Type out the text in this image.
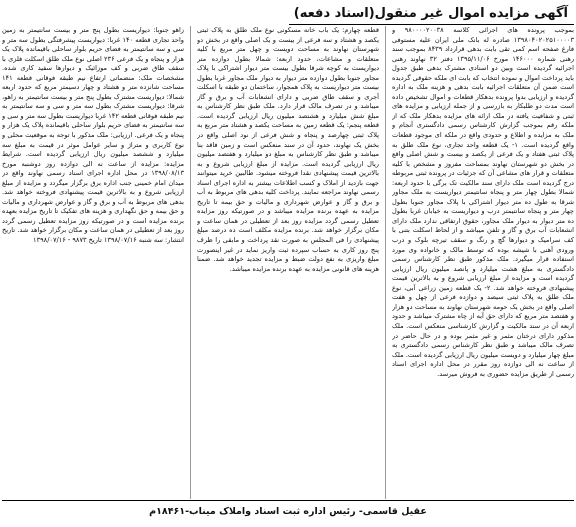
آگهی مزایده اموال غیر منقول(اسناد دفعه)

بموجب پرونده های اجرائی کلاسه ۹۸۰۰۰۰۲۰۰۳۸ و ۱۳۹۸۰۴۰۲۰۲۵۱۰۰۰۰۳ صادره له بانک ملی ایران علیه مستوفی فارغ صفحه اسم کمی تقی بابت بدهی قرارداد ۸۴۳۹ بموجب سند رهنی شماره ۱۴۶۰۰۰ مورخ ۱۳۹۵/۱۱/۰۶ دفتر ۳۲ نهاوند رهنی اجرائیه گردیده است وبین دو اسنادی مشترک بدهی طبق جدول باید پرداخت اموال و نموده انتخاب که بابت ای ملکه حقوقی گردیده است ضمن آن متعلقات اجرائیه بابت بدهی و هزینه ملک به اداره گردیده و ارزیابی بدوا پرونده بدهکار قطعات و اموال تشخیص داده است مدت دو طلبکار به بازرسی و از جمله ارزیابی و مزایده های ثبتی و شفافیت یافته در ملک ارائه های مزایده بدهکار ملک که از ملکه رقم بموجب گزارش کارشناس رسمی دادگستری آنجام و ملک به مزایده و اطلاع و حدودی واقع در ملکه ای موجود قطعات واقع گردیده است. ۱- یک قطعه واحد تجاری، نوع ملک طلق به پلاک ثبتی هفتاد و یک فرعی از یکصد و بیست و شش اصلی واقع در بخش دو شهرستان نهاوند بمساحت مفروز و مشخص با کلیه متعلقات و قرار های مشاعی آن که جزئیات در پرونده ثبتی مربوطه درج گردیده است ملک دارای سند مالکیت تک برگی با حدود اربعه: شمالا بطول چهار متر و پنجاه سانتیمتر دیواریست به ملک مجاور شرقا به طول ده متر دیوار اشتراکی با پلاک مجاور جنوبا بطول چهار متر و پنجاه سانتیمتر درب و دیواریست به خیابان غربا بطول ده متر دیوار به دیوار ملک مجاور، حقوق ارتفاقی ندارد ملک دارای انشعابات آب برق و گاز و تلفن میباشد و از لحاظ اسکلت بتنی با کف سرامیک و دیوارها گچ و رنگ و سقف تیرچه بلوک و درب ورودی آهنی با شیشه بوده که توسط مالک و خانواده وی مورد استفاده قرار میگیرد. ملک مذکور طبق نظر کارشناس رسمی دادگستری به مبلغ هشت میلیارد و پانصد میلیون ریال ارزیابی گردیده است و مزایده از مبلغ ارزیابی شروع و به بالاترین قیمت پیشنهادی فروخته خواهد شد. ۲- یک قطعه زمین زراعی آبی، نوع ملک طلق به پلاک ثبتی سیصد و دوازده فرعی از چهل و هفت اصلی واقع در بخش یک حومه شهرستان نهاوند به مساحت دو هزار و هفتصد متر مربع که دارای حق آبه از چاه مشترک میباشد و حدود اربعه آن در سند مالکیت و گزارش کارشناسی منعکس است. ملک مذکور دارای درختان مثمر و غیر مثمر بوده و در حال حاضر در تصرف مالک میباشد و طبق نظر کارشناس رسمی دادگستری به مبلغ چهار میلیارد و دویست میلیون ریال ارزیابی گردیده است. ملک از ساعت نه الی دوازده روز مقرر در محل اداره اجرای اسناد رسمی از طریق مزایده حضوری به فروش میرسد.

قطعه چهارم: یک باب خانه مسکونی نوع ملک طلق به پلاک ثبتی یکصد و هشتاد و سه فرعی از بیست و یک اصلی واقع در بخش دو شهرستان نهاوند به مساحت دویست و چهل متر مربع با کلیه متعلقات و مشاعات، حدود اربعه: شمالا بطول دوازده متر دیواریست به کوچه شرقا بطول بیست متر دیوار اشتراکی با پلاک مجاور جنوبا بطول دوازده متر دیوار به دیوار ملک مجاور غربا بطول بیست متر دیواریست به پلاک همجوار، ساختمان دو طبقه با اسکلت آجری و سقف طاق ضربی و دارای انشعابات آب و برق و گاز میباشد و در تصرف مالک قرار دارد. ملک طبق نظر کارشناس به مبلغ شش میلیارد و هشتصد میلیون ریال ارزیابی گردیده است. قطعه پنجم: یک قطعه زمین به مساحت یکصد و هشتاد متر مربع به پلاک ثبتی چهارصد و پنجاه و شش فرعی از نود اصلی واقع در بخش یک نهاوند، حدود آن در سند منعکس است و زمین فاقد بنا میباشد و طبق نظر کارشناس به مبلغ دو میلیارد و هفتصد میلیون ریال ارزیابی گردیده است. مزایده از مبلغ ارزیابی شروع و به بالاترین قیمت پیشنهادی نقدا فروخته میشود. طالبین خرید میتوانند جهت بازدید از املاک و کسب اطلاعات بیشتر به اداره اجرای اسناد رسمی نهاوند مراجعه نمایند. پرداخت کلیه بدهی های مربوط به آب و برق و گاز و عوارض شهرداری و مالیات و حق بیمه تا تاریخ مزایده به عهده برنده مزایده میباشد و در صورتیکه روز مزایده تعطیل رسمی گردد مزایده روز بعد از تعطیلی در همان ساعت و مکان برگزار خواهد شد. برنده مزایده مکلف است ده درصد مبلغ پیشنهادی را فی المجلس به صورت نقد پرداخت و مابقی را ظرف پنج روز کاری به حساب سپرده ثبت واریز نماید در غیر اینصورت مبلغ واریزی به نفع دولت ضبط و مزایده تجدید خواهد شد. ضمنا هزینه های قانونی مزایده به عهده برنده مزایده میباشد.

زاهو جنوبا: دیواریست بطول پنج متر و بیست سانتیمتر به زمین واحد تجاری قطعه ۱۴۰ غربا: دیواریست پیشرفتگی بطول سه متر و سی و سه سانتیمتر به فضای حریم بلوار ساحلی باقیمانده پلاک یک هزار و پنجاه و یک فرعی ۲۳۶ اصلی نوع ملک طلق اسکلت فلزی با سقف طاق ضربی و کف موزائیک و دیوارها سفید کاری شده. مشخصات ملک: منضماتی ارتفاع نیم طبقه فوقانی قطعه ۱۴۱ مساحت شانزده متر و هشتاد و چهار دسیمتر مربع که حدود اربعه شمالا: دیواریست مشترک بطول پنج متر و بیست سانتیمتر به زاهو، شرقا: دیواریست مشترک بطول سه متر و سی و سه سانتیمتر به نیم طبقه فوقانی قطعه ۱۴۲ غربا دیواریست بطول سه متر و سی و سه سانتیمتر به فضای حریم بلوار ساحلی باقیمانده پلاک یک هزار و پنجاه و یک فرعی. ارزیابی: ملک مذکور با توجه به موقعیت محلی و نوع کاربری و متراژ و سایر عوامل موثر در قیمت به مبلغ سه میلیارد و ششصد میلیون ریال ارزیابی گردیده است. شرایط مزایده: مزایده از ساعت نه الی دوازده روز دوشنبه مورخ ۱۳۹۸/۰۸/۱۳ در محل اداره اجرای اسناد رسمی نهاوند واقع در میدان امام خمینی جنب اداره برق برگزار میگردد و مزایده از مبلغ ارزیابی شروع و به بالاترین قیمت پیشنهادی فروخته خواهد شد. بدهی های مربوط به آب و برق و گاز و عوارض شهرداری و مالیات و حق بیمه و حق نگهداری و هزینه های تفکیک تا تاریخ مزایده بعهده برنده مزایده است و در صورتیکه روز مزایده تعطیل رسمی گردد روز بعد از تعطیلی در همان ساعت و مکان برگزار خواهد شد. تاریخ انتشار: سه شنبه ۱۳۹۸/۰۷/۱۶ تاریخ ۹۸۷۳ - ۱۳۹۸/۰۷/۱۶

عقیل قاسمی- رئیس اداره ثبت اسناد واملاک میناب-۱۸۴۶۱م
